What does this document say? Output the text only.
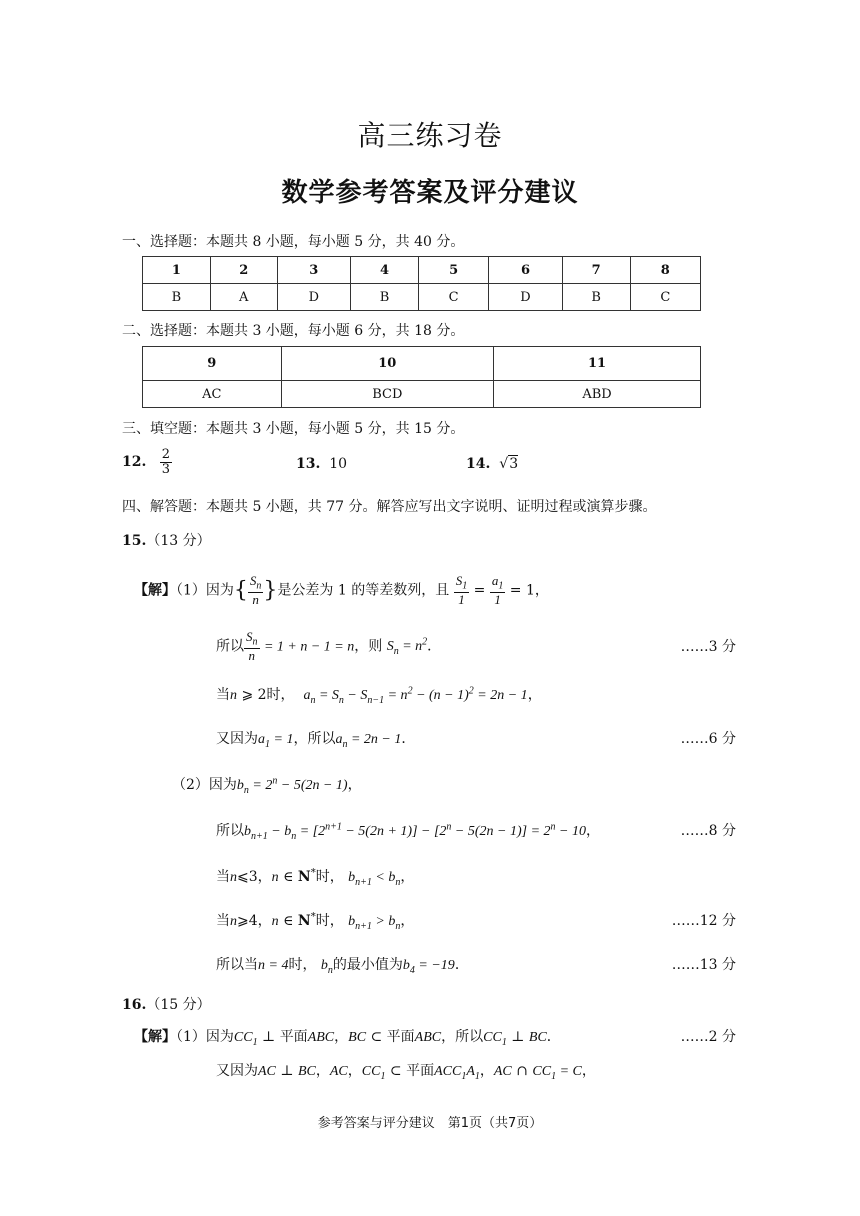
高三练习卷
数学参考答案及评分建议
一、选择题：本题共 8 小题，每小题 5 分，共 40 分。
1	2	3	4	5	6	7	8
B	A	D	B	C	D	B	C
二、选择题：本题共 3 小题，每小题 6 分，共 18 分。
9	10	11
AC	BCD	ABD
三、填空题：本题共 3 小题，每小题 5 分，共 15 分。
12. $\frac{2}{3}$	13. 10	14. √3
四、解答题：本题共 5 小题，共 77 分。解答应写出文字说明、证明过程或演算步骤。
15.（13 分）
【解】（1）因为{ $\frac{S_n}{n}$ }是公差为 1 的等差数列，且 $\frac{S_1}{1} = \frac{a_1}{1} = 1$，
所以 $\frac{S_n}{n} = 1 + n - 1 = n$，则 $S_n = n^2$．	……3 分
当n ⩾ 2时， $a_n = S_n - S_{n-1} = n^2 - (n - 1)^2 = 2n - 1$，
又因为$a_1 = 1$，所以$a_n = 2n - 1$．	……6 分
（2）因为$b_n = 2^n - 5(2n - 1)$，
所以$b_{n+1} - b_n = [2^{n+1} - 5(2n + 1)] - [2^n - 5(2n - 1)] = 2^n - 10$，	……8 分
当n⩽3，n ∈ N*时， $b_{n+1} < b_n$，
当n⩾4，n ∈ N*时， $b_{n+1} > b_n$，	……12 分
所以当n = 4时， $b_n$的最小值为$b_4 = -19$．	……13 分
16.（15 分）
【解】（1）因为$CC_1$ ⊥ 平面ABC，BC ⊂ 平面ABC，所以$CC_1$ ⊥ BC．	……2 分
又因为AC ⊥ BC，AC，$CC_1$ ⊂ 平面$ACC_1A_1$，AC ∩ $CC_1 = C$，
参考答案与评分建议　第1页（共7页）
